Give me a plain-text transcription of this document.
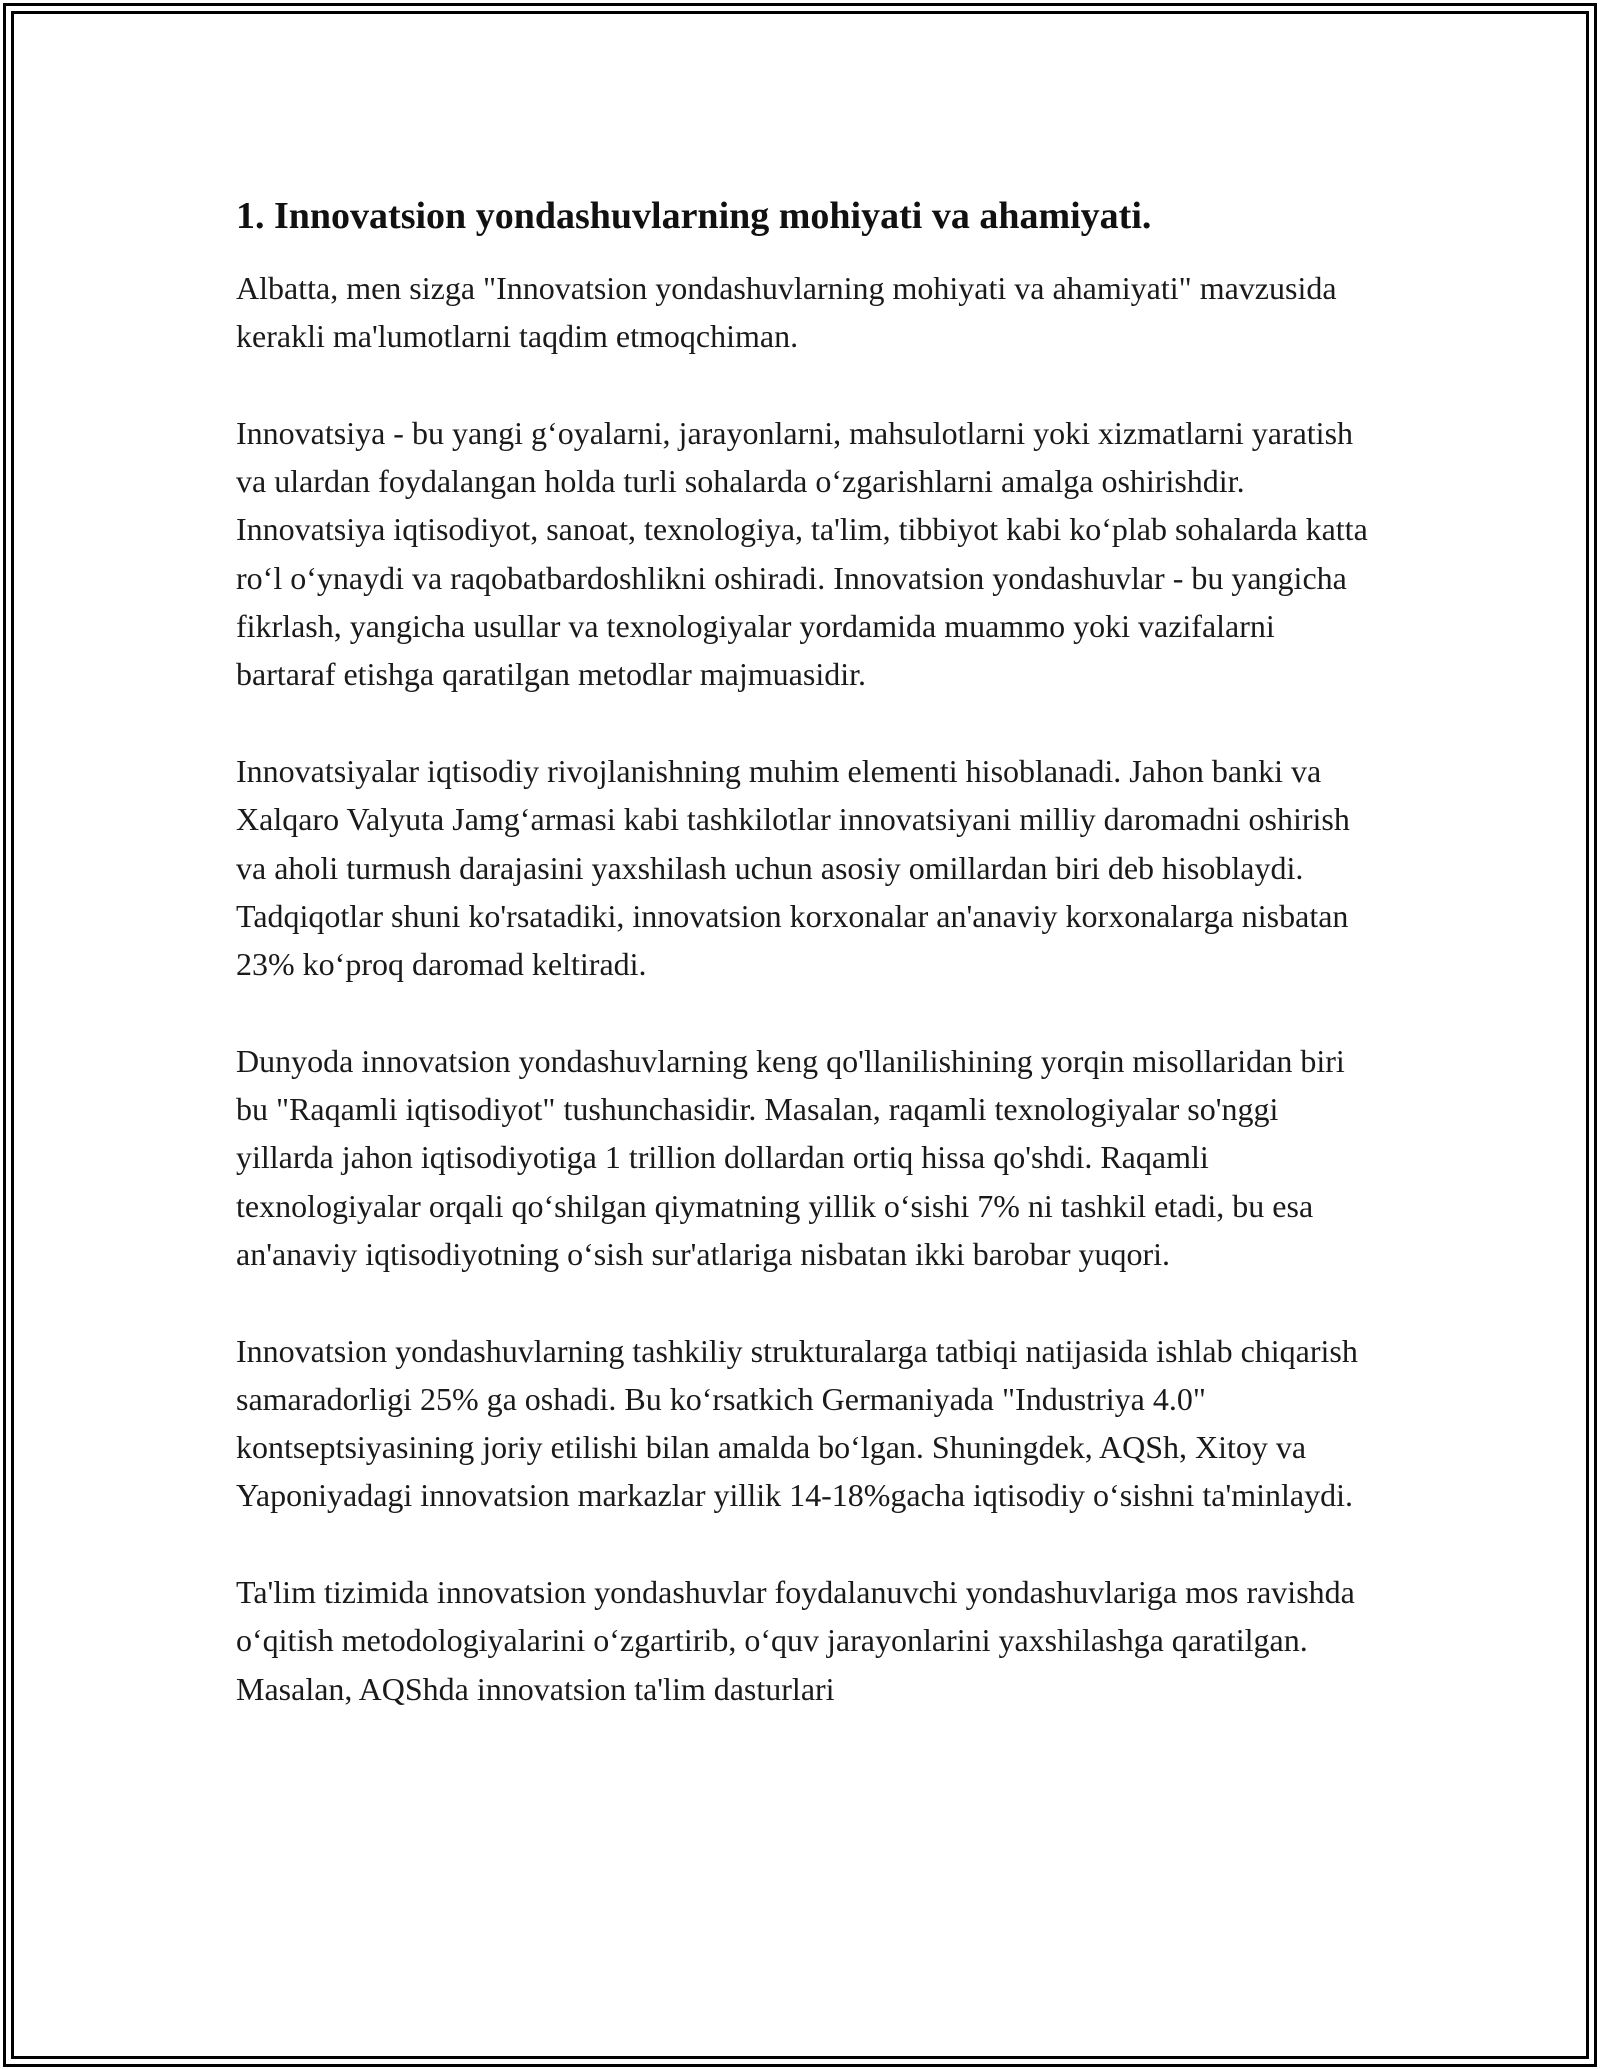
1. Innovatsion yondashuvlarning mohiyati va ahamiyati.

Albatta, men sizga "Innovatsion yondashuvlarning mohiyati va ahamiyati" mavzusida kerakli ma'lumotlarni taqdim etmoqchiman.

Innovatsiya - bu yangi g‘oyalarni, jarayonlarni, mahsulotlarni yoki xizmatlarni yaratish va ulardan foydalangan holda turli sohalarda o‘zgarishlarni amalga oshirishdir. Innovatsiya iqtisodiyot, sanoat, texnologiya, ta'lim, tibbiyot kabi ko‘plab sohalarda katta ro‘l o‘ynaydi va raqobatbardoshlikni oshiradi. Innovatsion yondashuvlar - bu yangicha fikrlash, yangicha usullar va texnologiyalar yordamida muammo yoki vazifalarni bartaraf etishga qaratilgan metodlar majmuasidir.

Innovatsiyalar iqtisodiy rivojlanishning muhim elementi hisoblanadi. Jahon banki va Xalqaro Valyuta Jamg‘armasi kabi tashkilotlar innovatsiyani milliy daromadni oshirish va aholi turmush darajasini yaxshilash uchun asosiy omillardan biri deb hisoblaydi. Tadqiqotlar shuni ko'rsatadiki, innovatsion korxonalar an'anaviy korxonalarga nisbatan 23% ko‘proq daromad keltiradi.

Dunyoda innovatsion yondashuvlarning keng qo'llanilishining yorqin misollaridan biri bu "Raqamli iqtisodiyot" tushunchasidir. Masalan, raqamli texnologiyalar so'nggi yillarda jahon iqtisodiyotiga 1 trillion dollardan ortiq hissa qo'shdi. Raqamli texnologiyalar orqali qo‘shilgan qiymatning yillik o‘sishi 7% ni tashkil etadi, bu esa an'anaviy iqtisodiyotning o‘sish sur'atlariga nisbatan ikki barobar yuqori.

Innovatsion yondashuvlarning tashkiliy strukturalarga tatbiqi natijasida ishlab chiqarish samaradorligi 25% ga oshadi. Bu ko‘rsatkich Germaniyada "Industriya 4.0" kontseptsiyasining joriy etilishi bilan amalda bo‘lgan. Shuningdek, AQSh, Xitoy va Yaponiyadagi innovatsion markazlar yillik 14-18%gacha iqtisodiy o‘sishni ta'minlaydi.

Ta'lim tizimida innovatsion yondashuvlar foydalanuvchi yondashuvlariga mos ravishda o‘qitish metodologiyalarini o‘zgartirib, o‘quv jarayonlarini yaxshilashga qaratilgan. Masalan, AQShda innovatsion ta'lim dasturlari
